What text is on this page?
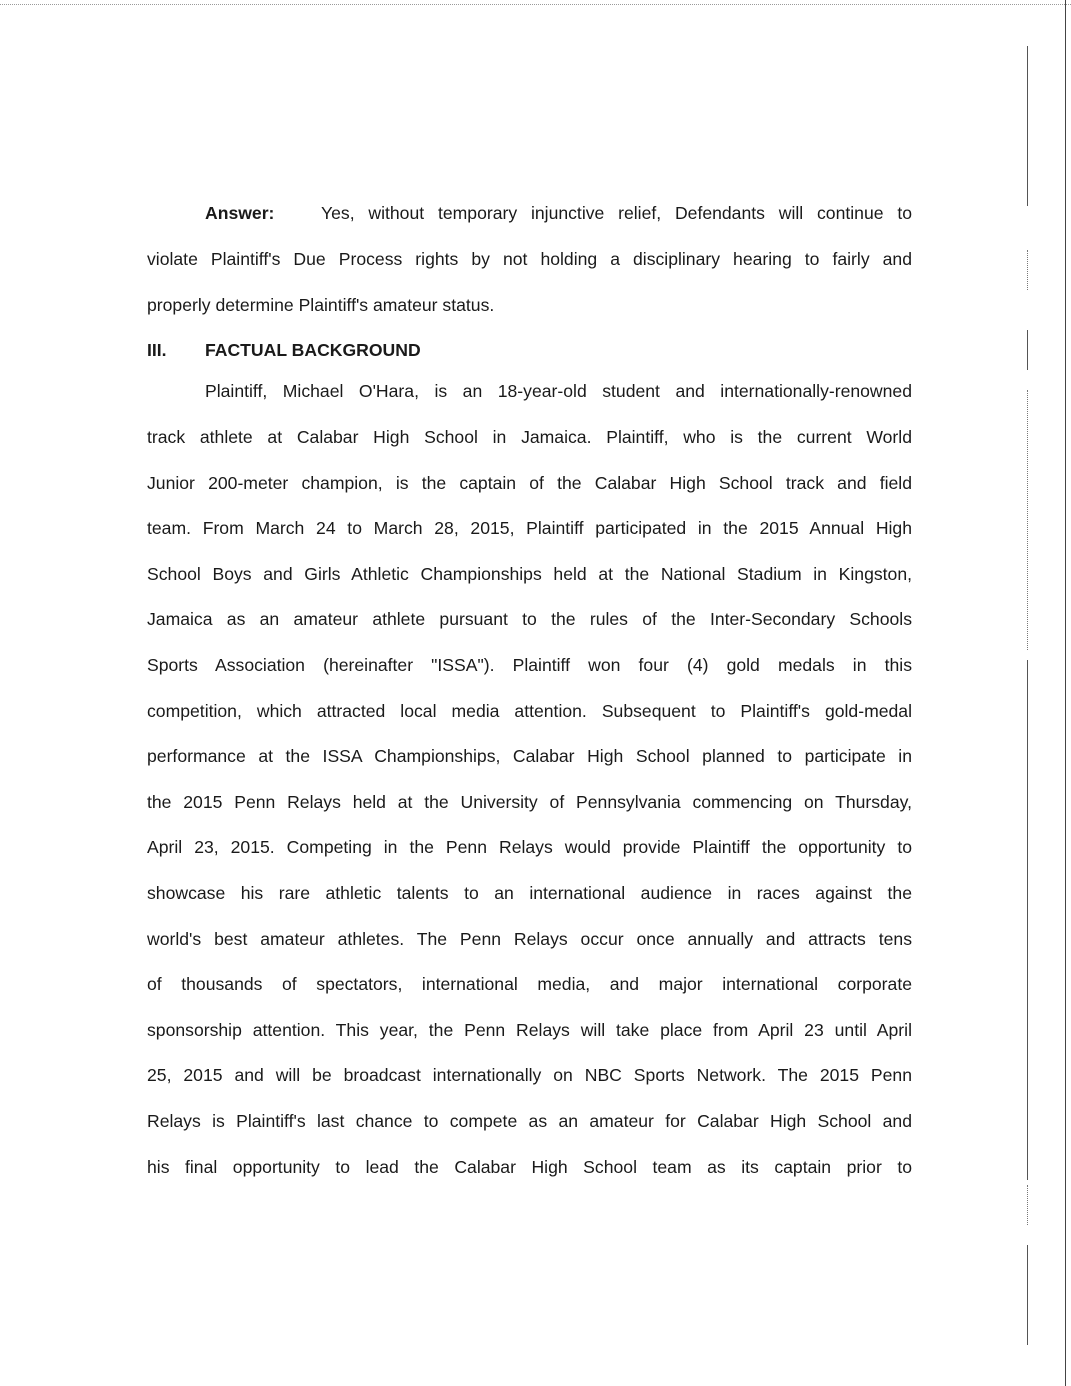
Answer:	Yes, without temporary injunctive relief, Defendants will continue to
violate Plaintiff's Due Process rights by not holding a disciplinary hearing to fairly and
properly determine Plaintiff's amateur status.
III. FACTUAL BACKGROUND
Plaintiff, Michael O'Hara, is an 18-year-old student and internationally-renowned
track athlete at Calabar High School in Jamaica. Plaintiff, who is the current World
Junior 200-meter champion, is the captain of the Calabar High School track and field
team. From March 24 to March 28, 2015, Plaintiff participated in the 2015 Annual High
School Boys and Girls Athletic Championships held at the National Stadium in Kingston,
Jamaica as an amateur athlete pursuant to the rules of the Inter-Secondary Schools
Sports Association (hereinafter "ISSA"). Plaintiff won four (4) gold medals in this
competition, which attracted local media attention. Subsequent to Plaintiff's gold-medal
performance at the ISSA Championships, Calabar High School planned to participate in
the 2015 Penn Relays held at the University of Pennsylvania commencing on Thursday,
April 23, 2015. Competing in the Penn Relays would provide Plaintiff the opportunity to
showcase his rare athletic talents to an international audience in races against the
world's best amateur athletes. The Penn Relays occur once annually and attracts tens
of thousands of spectators, international media, and major international corporate
sponsorship attention. This year, the Penn Relays will take place from April 23 until April
25, 2015 and will be broadcast internationally on NBC Sports Network. The 2015 Penn
Relays is Plaintiff's last chance to compete as an amateur for Calabar High School and
his final opportunity to lead the Calabar High School team as its captain prior to
